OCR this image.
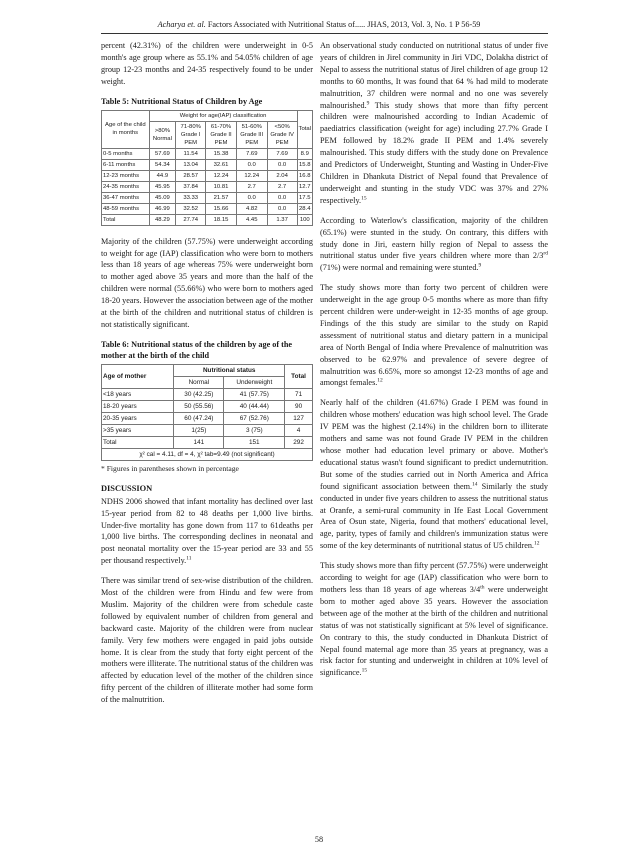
Acharya et. al. Factors Associated with Nutritional Status of..... JHAS, 2013, Vol. 3, No. 1 P 56-59

percent (42.31%) of the children were underweight in 0-5 month's age group where as 55.1% and 54.05% children of age group 12-23 months and 24-35 respectively found to be under weight.

Table 5: Nutritional Status of Children by Age
Age of the child in months	Weight for age(IAP) classification					Total
	>80% Normal	71-80% Grade I PEM	61-70% Grade II PEM	51-60% Grade III PEM	<50% Grade IV PEM	
0-5 months	57.69	11.54	15.38	7.69	7.69	8.9
6-11 months	54.34	13.04	32.61	0.0	0.0	15.8
12-23 months	44.9	28.57	12.24	12.24	2.04	16.8
24-35 months	45.95	37.84	10.81	2.7	2.7	12.7
36-47 months	45.09	33.33	21.57	0.0	0.0	17.5
48-59 months	46.99	32.52	15.66	4.82	0.0	28.4
Total	48.29	27.74	18.15	4.45	1.37	100

Majority of the children (57.75%) were underweight according to weight for age (IAP) classification who were born to mothers less than 18 years of age whereas 75% were underweight born to mother aged above 35 years and more than the half of the children were normal (55.66%) who were born to mothers aged 18-20 years. However the association between age of the mother at the birth of the children and nutritional status of children is not statistically significant.

Table 6: Nutritional status of the children by age of the mother at the birth of the child
Age of mother	Nutritional status		Total
	Normal	Underweight	
<18 years	30 (42.25)	41 (57.75)	71
18-20 years	50 (55.56)	40 (44.44)	90
20-35 years	60 (47.24)	67 (52.76)	127
>35 years	1(25)	3 (75)	4
Total	141	151	292
χ² cal = 4.11, df = 4, χ² tab=9.49 (not significant)			
* Figures in parentheses shown in percentage
DISCUSSION

NDHS 2006 showed that infant mortality has declined over last 15-year period from 82 to 48 deaths per 1,000 live births. Under-five mortality has gone down from 117 to 61deaths per 1,000 live births. The corresponding declines in neonatal and post neonatal mortality over the 15-year period are 33 and 55 per thousand respectively.$^{11}$

There was similar trend of sex-wise distribution of the children. Most of the children were from Hindu and few were from Muslim. Majority of the children were from schedule caste followed by equivalent number of children from general and backward caste. Majority of the children were from nuclear family. Very few mothers were engaged in paid jobs outside home. It is clear from the study that forty eight percent of the mothers were illiterate. The nutritional status of the children was affected by education level of the mother of the children since fifty percent of the children of illiterate mother had some form of the malnutrition.

An observational study conducted on nutritional status of under five years of children in Jirel community in Jiri VDC, Dolakha district of Nepal to assess the nutritional status of Jirel children of age group 12 months to 60 months, It was found that 64 % had mild to moderate malnutrition, 37 children were normal and no one was severely malnourished.$^9$ This study shows that more than fifty percent children were malnourished according to Indian Academic of paediatrics classification (weight for age) including 27.7% Grade I PEM followed by 18.2% grade II PEM and 1.4% severely malnourished. This study differs with the study done on Prevalence and Predictors of Underweight, Stunting and Wasting in Under-Five Children in Dhankuta District of Nepal found that Prevalence of underweight and stunting in the study VDC was 37% and 27% respectively.$^{15}$

According to Waterlow's classification, majority of the children (65.1%) were stunted in the study. On contrary, this differs with study done in Jiri, eastern hilly region of Nepal to assess the nutritional status under five years children where more than 2/3rd (71%) were normal and remaining were stunted.$^9$

The study shows more than forty two percent of children were underweight in the age group 0-5 months where as more than fifty percent children were under-weight in 12-35 months of age group. Findings of the this study are similar to the study on Rapid assessment of nutritional status and dietary pattern in a municipal area of North Bengal of India where Prevalence of malnutrition was observed to be 62.97% and prevalence of severe degree of malnutrition was 6.65%, more so amongst 12-23 months of age and amongst females.$^{12}$

Nearly half of the children (41.67%) Grade I PEM was found in children whose mothers' education was high school level. The Grade IV PEM was the highest (2.14%) in the children born to illiterate mothers and same was not found Grade IV PEM in the children whose mother had education level primary or above. Mother's educational status wasn't found significant to predict undernutrition. But some of the studies carried out in North America and Africa found significant association between them.$^{14}$ Similarly the study conducted in under five years children to assess the nutritional status at Oranfe, a semi-rural community in Ife East Local Government Area of Osun state, Nigeria, found that mothers' educational level, age, parity, types of family and children's immunization status were some of the key determinants of nutritional status of U5 children.$^{12}$

This study shows more than fifty percent (57.75%) were underweight according to weight for age (IAP) classification who were born to mothers less than 18 years of age whereas 3/4th were underweight born to mother aged above 35 years. However the association between age of the mother at the birth of the children and nutritional status of was not statistically significant at 5% level of significance. On contrary to this, the study conducted in Dhankuta District of Nepal found maternal age more than 35 years at pregnancy, was a risk factor for stunting and underweight in children at 10% level of significance.$^{15}$

58
